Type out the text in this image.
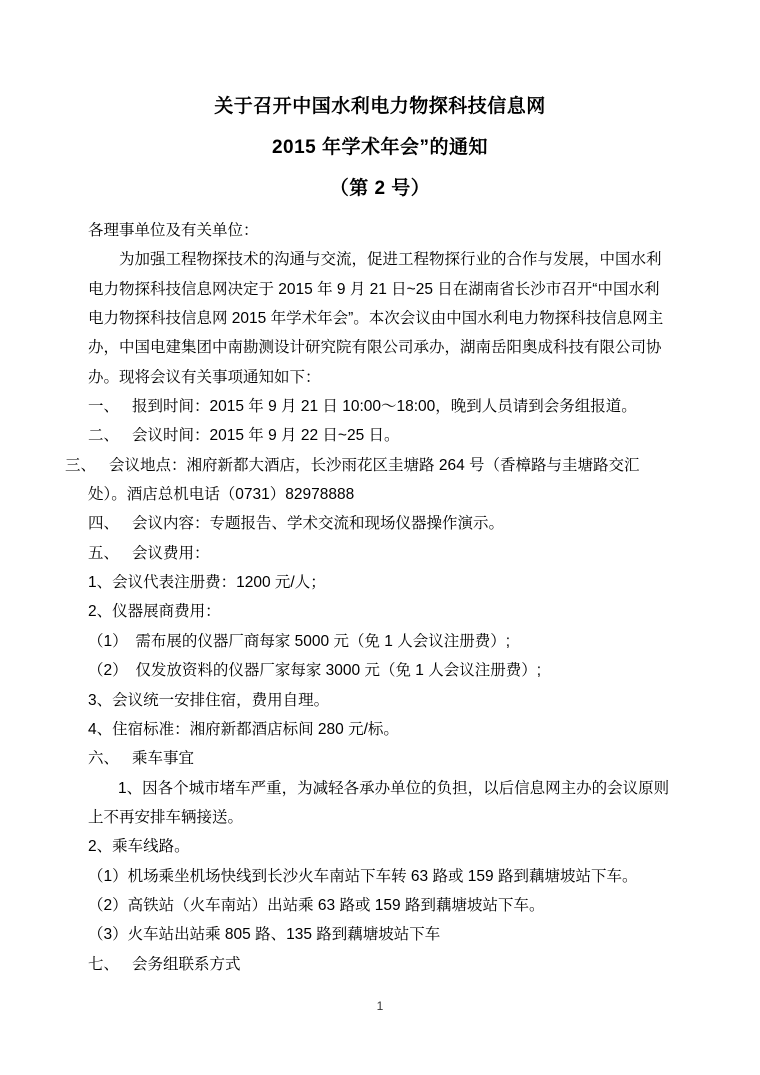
关于召开中国水利电力物探科技信息网
2015 年学术年会”的通知
（第 2 号）

各理事单位及有关单位：

为加强工程物探技术的沟通与交流，促进工程物探行业的合作与发展，中国水利电力物探科技信息网决定于 2015 年 9 月 21 日~25 日在湖南省长沙市召开“中国水利电力物探科技信息网 2015 年学术年会”。本次会议由中国水利电力物探科技信息网主办，中国电建集团中南勘测设计研究院有限公司承办，湖南岳阳奥成科技有限公司协办。现将会议有关事项通知如下：

一、 报到时间：2015 年 9 月 21 日 10:00～18:00，晚到人员请到会务组报道。

二、 会议时间：2015 年 9 月 22 日~25 日。

三、 会议地点：湘府新都大酒店，长沙雨花区圭塘路 264 号（香樟路与圭塘路交汇处）。酒店总机电话（0731）82978888

四、 会议内容：专题报告、学术交流和现场仪器操作演示。

五、 会议费用：

1、会议代表注册费：1200 元/人；

2、仪器展商费用：

（1）　需布展的仪器厂商每家 5000 元（免 1 人会议注册费）;

（2）　仅发放资料的仪器厂家每家 3000 元（免 1 人会议注册费）;

3、会议统一安排住宿，费用自理。

4、住宿标准：湘府新都酒店标间 280 元/标。

六、 乘车事宜

1、因各个城市堵车严重，为减轻各承办单位的负担，以后信息网主办的会议原则上不再安排车辆接送。

2、乘车线路。

（1）机场乘坐机场快线到长沙火车南站下车转 63 路或 159 路到藕塘坡站下车。

（2）高铁站（火车南站）出站乘 63 路或 159 路到藕塘坡站下车。

（3）火车站出站乘 805 路、135 路到藕塘坡站下车

七、 会务组联系方式

1
